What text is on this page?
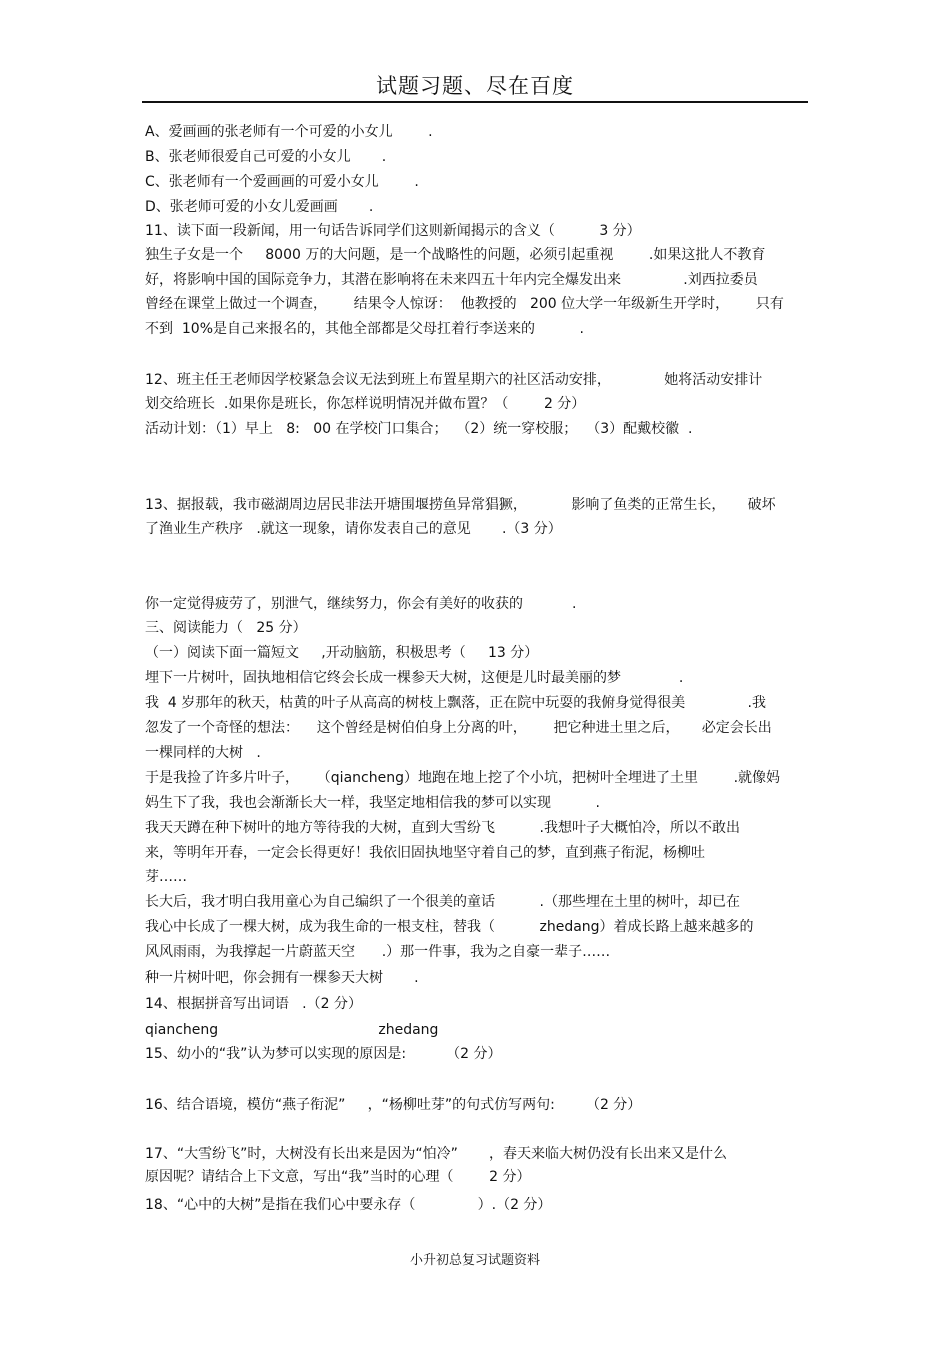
试题习题、尽在百度
A、爱画画的张老师有一个可爱的小女儿        .
B、张老师很爱自己可爱的小女儿       .
C、张老师有一个爱画画的可爱小女儿        .
D、张老师可爱的小女儿爱画画       .
11、读下面一段新闻，用一句话告诉同学们这则新闻揭示的含义（          3 分）
独生子女是一个     8000 万的大问题，是一个战略性的问题，必须引起重视        .如果这批人不教育
好，将影响中国的国际竞争力，其潜在影响将在未来四五十年内完全爆发出来              .刘西拉委员
曾经在课堂上做过一个调查，      结果令人惊讶：  他教授的   200 位大学一年级新生开学时，      只有
不到  10%是自己来报名的，其他全部都是父母扛着行李送来的          .
12、班主任王老师因学校紧急会议无法到班上布置星期六的社区活动安排，            她将活动安排计
划交给班长  .如果你是班长，你怎样说明情况并做布置？（        2 分）
活动计划：（1）早上   8:   00 在学校门口集合；  （2）统一穿校服；  （3）配戴校徽  .
13、据报载，我市磁湖周边居民非法开塘围堰捞鱼异常猖獗，          影响了鱼类的正常生长，     破坏
了渔业生产秩序   .就这一现象，请你发表自己的意见       .（3 分）
你一定觉得疲劳了，别泄气，继续努力，你会有美好的收获的           .
三、阅读能力（   25 分）
（一）阅读下面一篇短文     ,开动脑筋，积极思考（     13 分）
埋下一片树叶，固执地相信它终会长成一棵参天大树，这便是儿时最美丽的梦             .
我  4 岁那年的秋天，枯黄的叶子从高高的树枝上飘落，正在院中玩耍的我俯身觉得很美              .我
忽发了一个奇怪的想法：    这个曾经是树伯伯身上分离的叶，      把它种进土里之后，     必定会长出
一棵同样的大树   .
于是我捡了许多片叶子，    （qiancheng）地跑在地上挖了个小坑，把树叶全埋进了土里        .就像妈
妈生下了我，我也会渐渐长大一样，我坚定地相信我的梦可以实现          .
我天天蹲在种下树叶的地方等待我的大树，直到大雪纷飞          .我想叶子大概怕冷，所以不敢出
来，等明年开春，一定会长得更好！我依旧固执地坚守着自己的梦，直到燕子衔泥，杨柳吐
芽……
长大后，我才明白我用童心为自己编织了一个很美的童话          .（那些埋在土里的树叶，却已在
我心中长成了一棵大树，成为我生命的一根支柱，替我（          zhedang）着成长路上越来越多的
风风雨雨，为我撑起一片蔚蓝天空      .）那一件事，我为之自豪一辈子……
种一片树叶吧，你会拥有一棵参天大树       .
14、根据拼音写出词语   .（2 分）
qiancheng                                    zhedang
15、幼小的“我”认为梦可以实现的原因是:         （2 分）
16、结合语境，模仿“燕子衔泥”     ，“杨柳吐芽”的句式仿写两句:       （2 分）
17、“大雪纷飞”时，大树没有长出来是因为“怕冷”       ，春天来临大树仍没有长出来又是什么
原因呢？请结合上下文意，写出“我”当时的心理（        2 分）
18、“心中的大树”是指在我们心中要永存（              ）.（2 分）
小升初总复习试题资料
